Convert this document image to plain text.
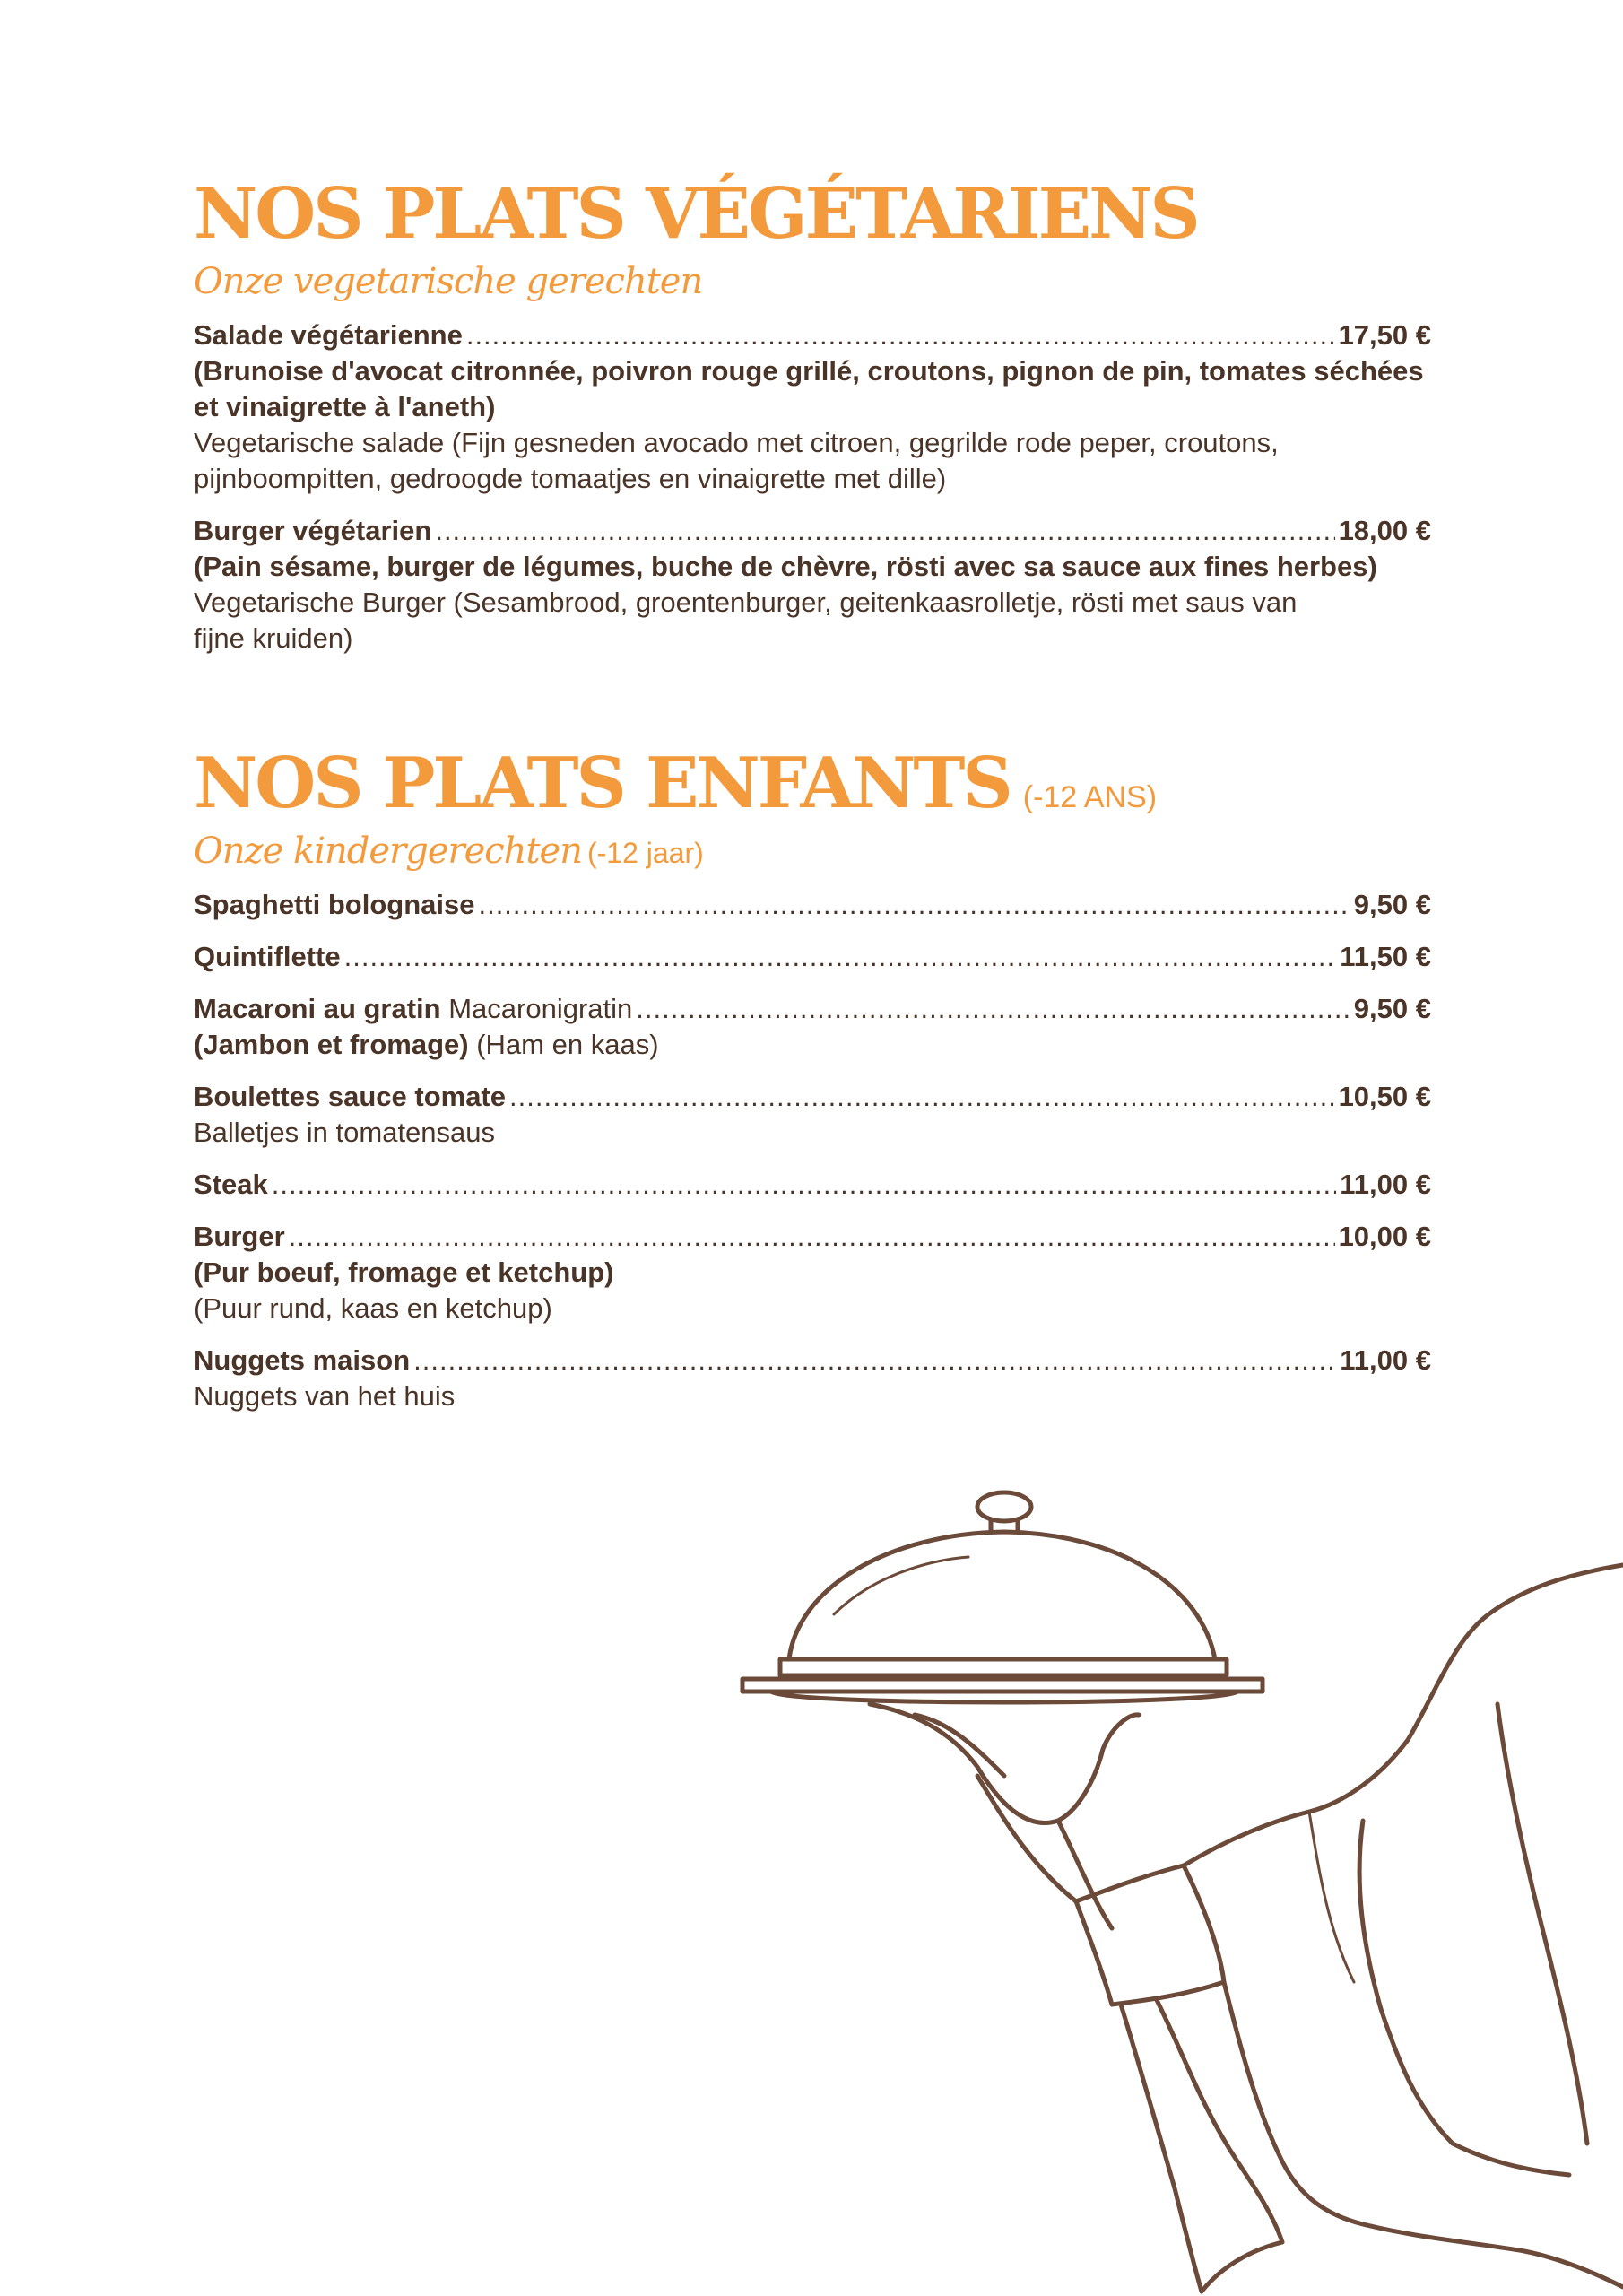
NOS PLATS VÉGÉTARIENS
Onze vegetarische gerechten
Salade végétarienne .....	17,50 €
(Brunoise d'avocat citronnée, poivron rouge grillé, croutons, pignon de pin, tomates séchées et vinaigrette à l'aneth)
Vegetarische salade (Fijn gesneden avocado met citroen, gegrilde rode peper, croutons, pijnboompitten, gedroogde tomaatjes en vinaigrette met dille)
Burger végétarien .....	18,00 €
(Pain sésame, burger de légumes, buche de chèvre, rösti avec sa sauce aux fines herbes)
Vegetarische Burger (Sesambrood, groentenburger, geitenkaasrolletje, rösti met saus van fijne kruiden)
NOS PLATS ENFANTS (-12 ANS)
Onze kindergerechten (-12 jaar)
Spaghetti bolognaise .....	9,50 €
Quintiflette .....	11,50 €
Macaroni au gratin Macaronigratin .....	9,50 €
(Jambon et fromage) (Ham en kaas)
Boulettes sauce tomate .....	10,50 €
Balletjes in tomatensaus
Steak .....	11,00 €
Burger .....	10,00 €
(Pur boeuf, fromage et ketchup)
(Puur rund, kaas en ketchup)
Nuggets maison .....	11,00 €
Nuggets van het huis
